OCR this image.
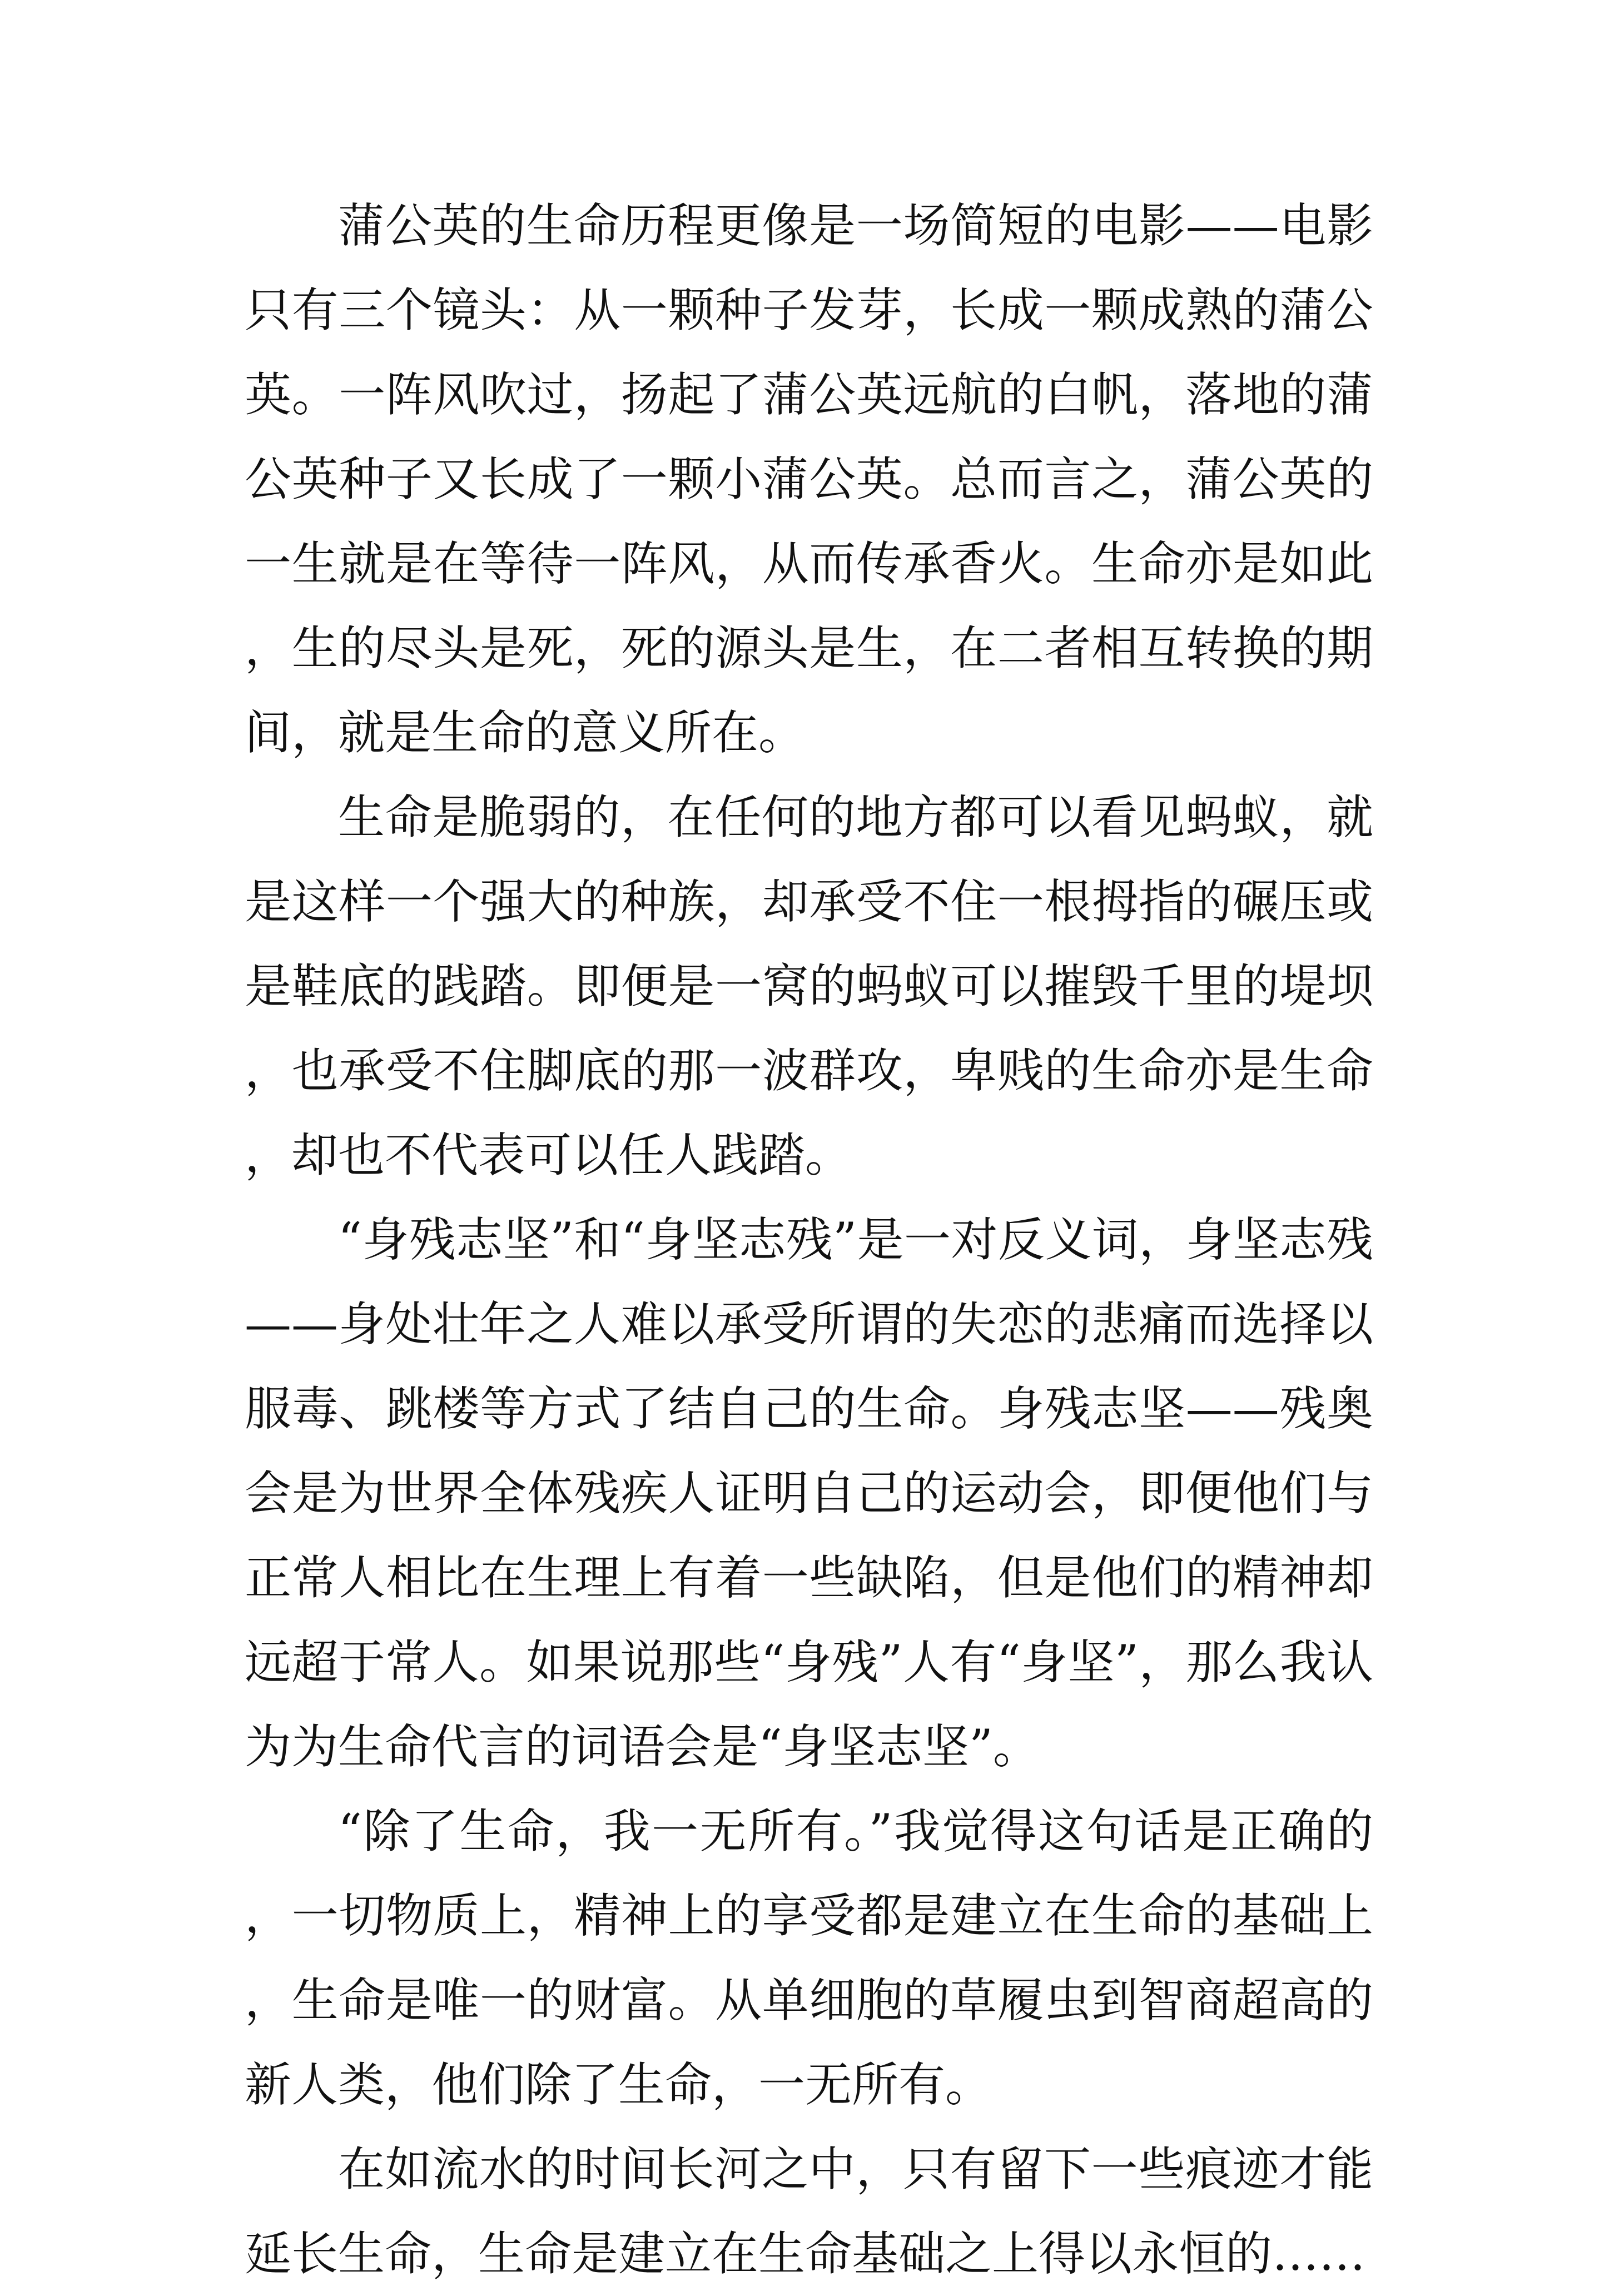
蒲公英的生命历程更像是一场简短的电影——电影只有三个镜头：从一颗种子发芽，长成一颗成熟的蒲公英。一阵风吹过，扬起了蒲公英远航的白帆，落地的蒲公英种子又长成了一颗小蒲公英。总而言之，蒲公英的一生就是在等待一阵风，从而传承香火。生命亦是如此，生的尽头是死，死的源头是生，在二者相互转换的期间，就是生命的意义所在。

生命是脆弱的，在任何的地方都可以看见蚂蚁，就是这样一个强大的种族，却承受不住一根拇指的碾压或是鞋底的践踏。即便是一窝的蚂蚁可以摧毁千里的堤坝，也承受不住脚底的那一波群攻，卑贱的生命亦是生命，却也不代表可以任人践踏。

“身残志坚”和“身坚志残”是一对反义词，身坚志残——身处壮年之人难以承受所谓的失恋的悲痛而选择以服毒、跳楼等方式了结自己的生命。身残志坚——残奥会是为世界全体残疾人证明自己的运动会，即便他们与正常人相比在生理上有着一些缺陷，但是他们的精神却远超于常人。如果说那些“身残”人有“身坚”，那么我认为为生命代言的词语会是“身坚志坚”。

“除了生命，我一无所有。”我觉得这句话是正确的，一切物质上，精神上的享受都是建立在生命的基础上，生命是唯一的财富。从单细胞的草履虫到智商超高的新人类，他们除了生命，一无所有。

在如流水的时间长河之中，只有留下一些痕迹才能延长生命，生命是建立在生命基础之上得以永恒的……
